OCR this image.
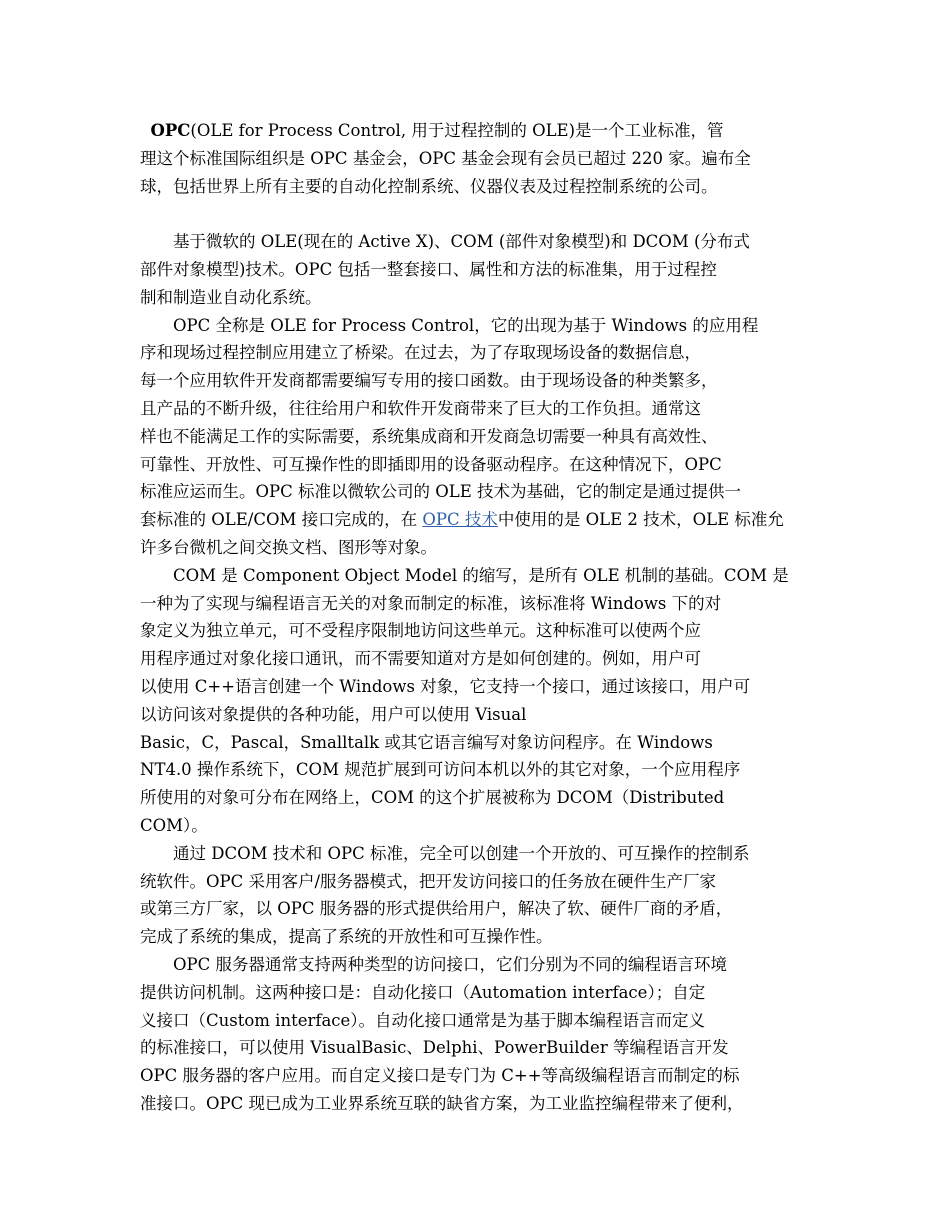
OPC(OLE for Process Control, 用于过程控制的 OLE)是一个工业标准，管
理这个标准国际组织是 OPC 基金会，OPC 基金会现有会员已超过 220 家。遍布全
球，包括世界上所有主要的自动化控制系统、仪器仪表及过程控制系统的公司。
　　基于微软的 OLE(现在的 Active X)、COM (部件对象模型)和 DCOM (分布式
部件对象模型)技术。OPC 包括一整套接口、属性和方法的标准集，用于过程控
制和制造业自动化系统。
　　OPC 全称是 OLE for Process Control，它的出现为基于 Windows 的应用程
序和现场过程控制应用建立了桥梁。在过去，为了存取现场设备的数据信息，
每一个应用软件开发商都需要编写专用的接口函数。由于现场设备的种类繁多，
且产品的不断升级，往往给用户和软件开发商带来了巨大的工作负担。通常这
样也不能满足工作的实际需要，系统集成商和开发商急切需要一种具有高效性、
可靠性、开放性、可互操作性的即插即用的设备驱动程序。在这种情况下，OPC
标准应运而生。OPC 标准以微软公司的 OLE 技术为基础，它的制定是通过提供一
套标准的 OLE/COM 接口完成的，在 OPC 技术中使用的是 OLE 2 技术，OLE 标准允
许多台微机之间交换文档、图形等对象。
　　COM 是 Component Object Model 的缩写，是所有 OLE 机制的基础。COM 是
一种为了实现与编程语言无关的对象而制定的标准，该标准将 Windows 下的对
象定义为独立单元，可不受程序限制地访问这些单元。这种标准可以使两个应
用程序通过对象化接口通讯，而不需要知道对方是如何创建的。例如，用户可
以使用 C++语言创建一个 Windows 对象，它支持一个接口，通过该接口，用户可
以访问该对象提供的各种功能，用户可以使用 Visual
Basic，C，Pascal，Smalltalk 或其它语言编写对象访问程序。在 Windows
NT4.0 操作系统下，COM 规范扩展到可访问本机以外的其它对象，一个应用程序
所使用的对象可分布在网络上，COM 的这个扩展被称为 DCOM（Distributed
COM）。
　　通过 DCOM 技术和 OPC 标准，完全可以创建一个开放的、可互操作的控制系
统软件。OPC 采用客户/服务器模式，把开发访问接口的任务放在硬件生产厂家
或第三方厂家，以 OPC 服务器的形式提供给用户，解决了软、硬件厂商的矛盾，
完成了系统的集成，提高了系统的开放性和可互操作性。
　　OPC 服务器通常支持两种类型的访问接口，它们分别为不同的编程语言环境
提供访问机制。这两种接口是：自动化接口（Automation interface）；自定
义接口（Custom interface）。自动化接口通常是为基于脚本编程语言而定义
的标准接口，可以使用 VisualBasic、Delphi、PowerBuilder 等编程语言开发
OPC 服务器的客户应用。而自定义接口是专门为 C++等高级编程语言而制定的标
准接口。OPC 现已成为工业界系统互联的缺省方案，为工业监控编程带来了便利，
